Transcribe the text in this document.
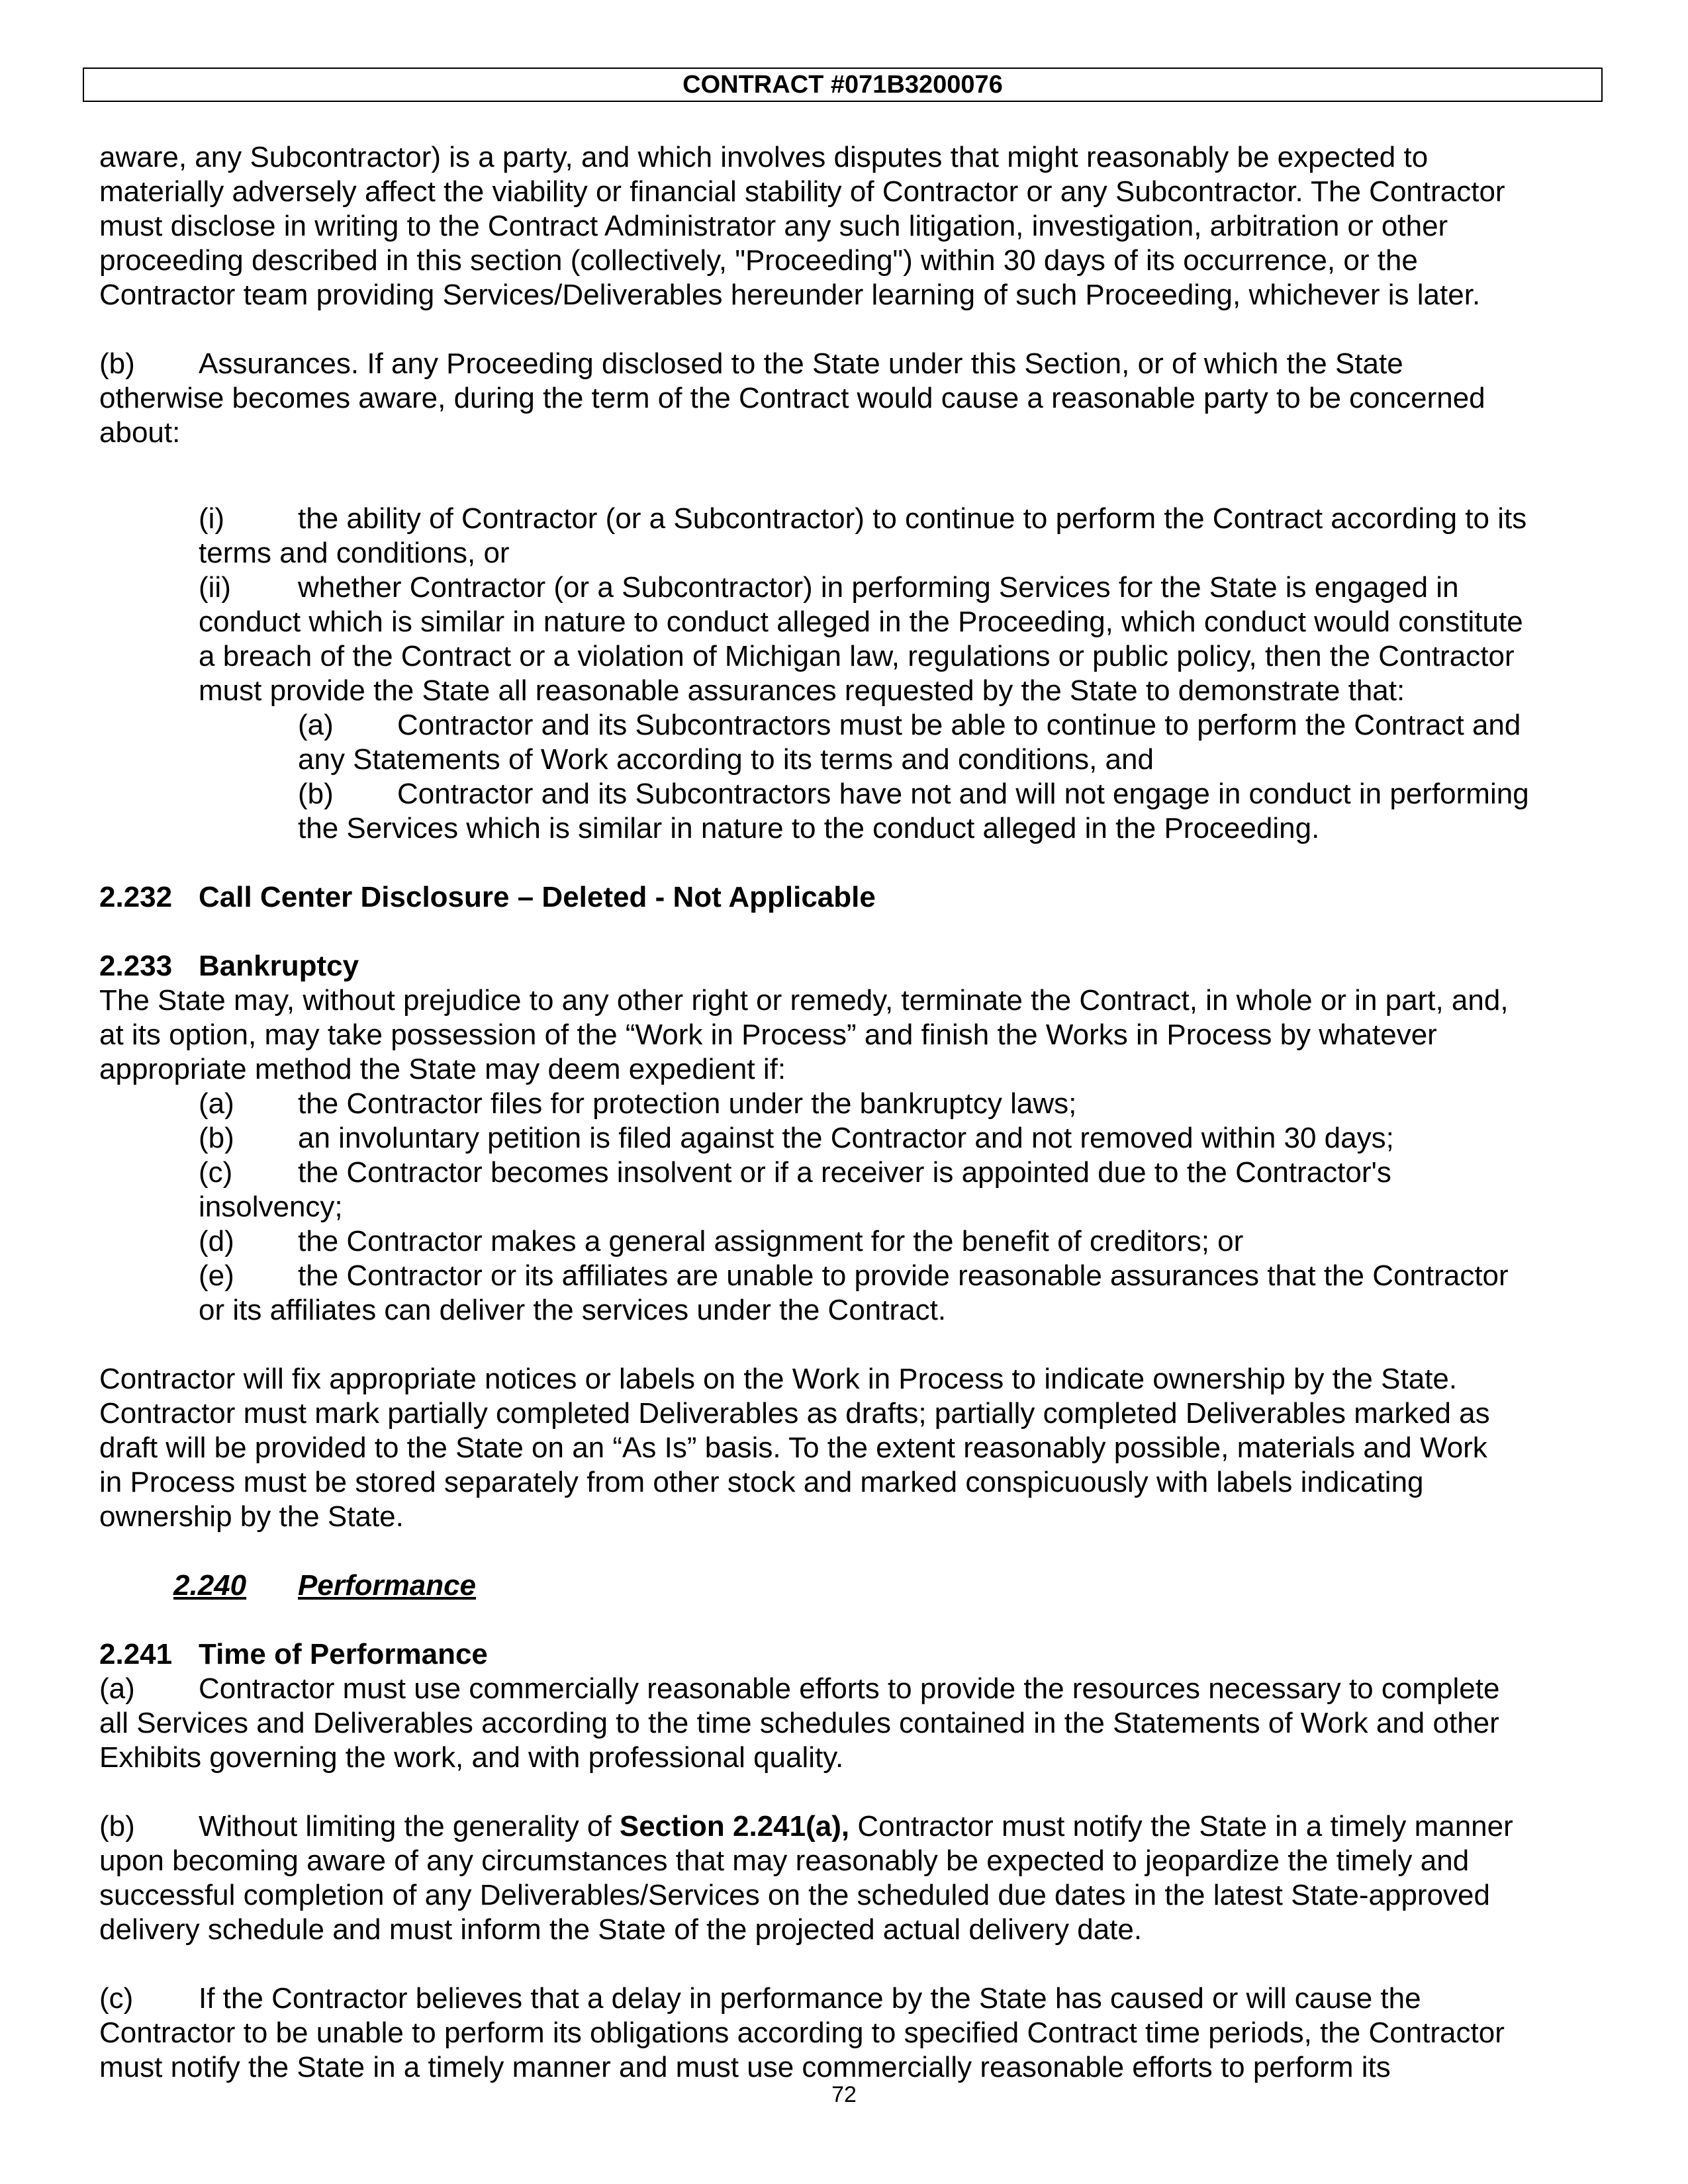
CONTRACT #071B3200076

aware, any Subcontractor) is a party, and which involves disputes that might reasonably be expected to
materially adversely affect the viability or financial stability of Contractor or any Subcontractor. The Contractor
must disclose in writing to the Contract Administrator any such litigation, investigation, arbitration or other
proceeding described in this section (collectively, "Proceeding") within 30 days of its occurrence, or the
Contractor team providing Services/Deliverables hereunder learning of such Proceeding, whichever is later.

(b) Assurances. If any Proceeding disclosed to the State under this Section, or of which the State
otherwise becomes aware, during the term of the Contract would cause a reasonable party to be concerned
about:

(i)	the ability of Contractor (or a Subcontractor) to continue to perform the Contract according to its
terms and conditions, or

(ii) whether Contractor (or a Subcontractor) in performing Services for the State is engaged in
conduct which is similar in nature to conduct alleged in the Proceeding, which conduct would constitute
a breach of the Contract or a violation of Michigan law, regulations or public policy, then the Contractor
must provide the State all reasonable assurances requested by the State to demonstrate that:

(a) Contractor and its Subcontractors must be able to continue to perform the Contract and
any Statements of Work according to its terms and conditions, and

(b) Contractor and its Subcontractors have not and will not engage in conduct in performing
the Services which is similar in nature to the conduct alleged in the Proceeding.

2.232 Call Center Disclosure – Deleted - Not Applicable

2.233 Bankruptcy

The State may, without prejudice to any other right or remedy, terminate the Contract, in whole or in part, and,
at its option, may take possession of the “Work in Process” and finish the Works in Process by whatever
appropriate method the State may deem expedient if:

(a) the Contractor files for protection under the bankruptcy laws;

(b) an involuntary petition is filed against the Contractor and not removed within 30 days;

(c) the Contractor becomes insolvent or if a receiver is appointed due to the Contractor's
insolvency;

(d) the Contractor makes a general assignment for the benefit of creditors; or

(e) the Contractor or its affiliates are unable to provide reasonable assurances that the Contractor
or its affiliates can deliver the services under the Contract.

Contractor will fix appropriate notices or labels on the Work in Process to indicate ownership by the State.
Contractor must mark partially completed Deliverables as drafts; partially completed Deliverables marked as
draft will be provided to the State on an “As Is” basis. To the extent reasonably possible, materials and Work
in Process must be stored separately from other stock and marked conspicuously with labels indicating
ownership by the State.

2.240 Performance

2.241 Time of Performance

(a) Contractor must use commercially reasonable efforts to provide the resources necessary to complete
all Services and Deliverables according to the time schedules contained in the Statements of Work and other
Exhibits governing the work, and with professional quality.

(b) Without limiting the generality of Section 2.241(a), Contractor must notify the State in a timely manner
upon becoming aware of any circumstances that may reasonably be expected to jeopardize the timely and
successful completion of any Deliverables/Services on the scheduled due dates in the latest State-approved
delivery schedule and must inform the State of the projected actual delivery date.

(c) If the Contractor believes that a delay in performance by the State has caused or will cause the
Contractor to be unable to perform its obligations according to specified Contract time periods, the Contractor
must notify the State in a timely manner and must use commercially reasonable efforts to perform its

72
